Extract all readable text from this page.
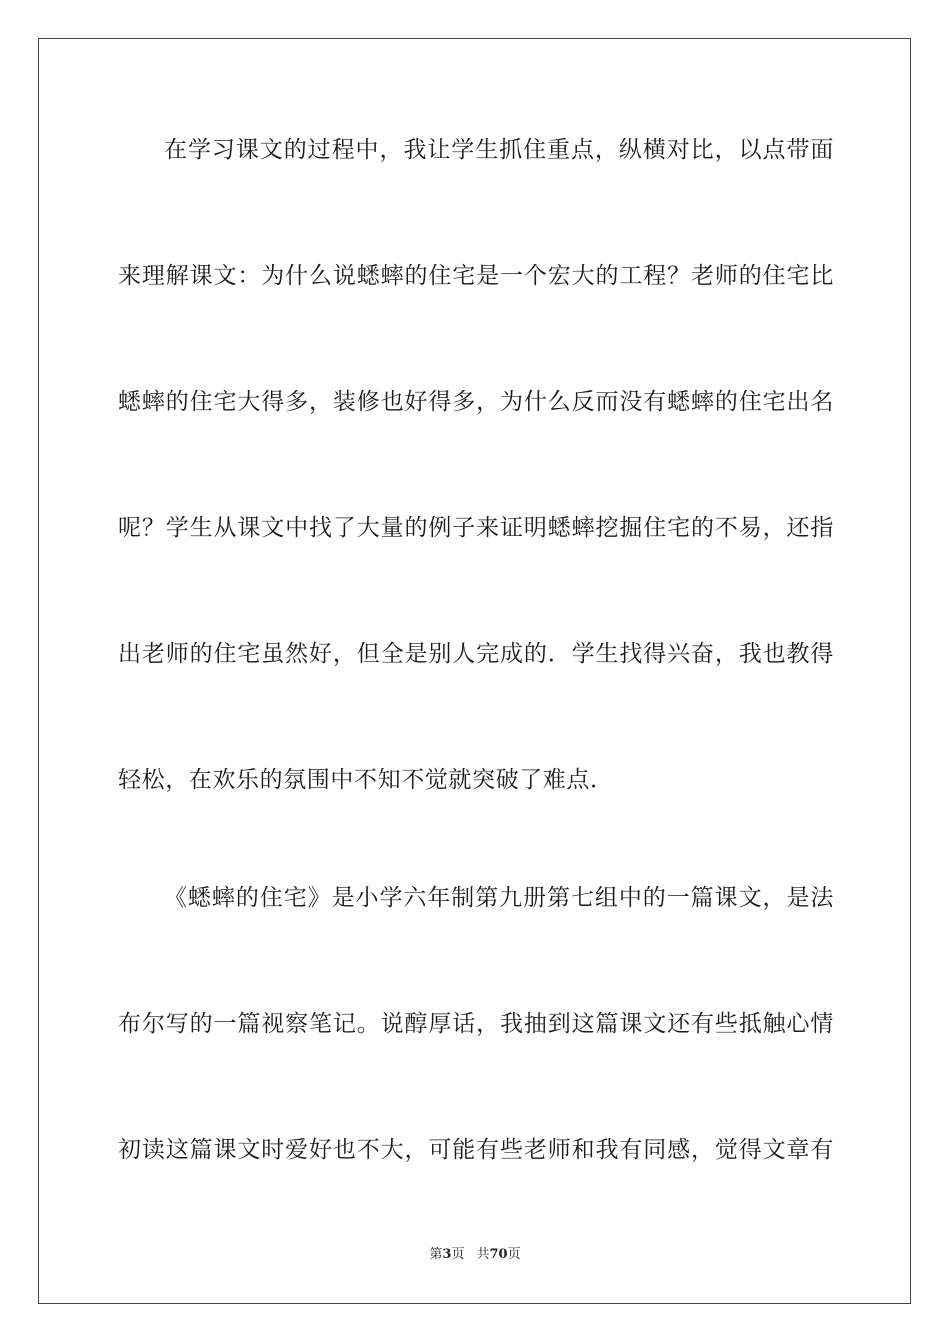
在学习课文的过程中，我让学生抓住重点，纵横对比，以点带面
来理解课文：为什么说蟋蟀的住宅是一个宏大的工程？老师的住宅比
蟋蟀的住宅大得多，装修也好得多，为什么反而没有蟋蟀的住宅出名
呢？学生从课文中找了大量的例子来证明蟋蟀挖掘住宅的不易，还指
出老师的住宅虽然好，但全是别人完成的．学生找得兴奋，我也教得
轻松，在欢乐的氛围中不知不觉就突破了难点．
《蟋蟀的住宅》是小学六年制第九册第七组中的一篇课文，是法
布尔写的一篇视察笔记。说醇厚话，我抽到这篇课文还有些抵触心情
初读这篇课文时爱好也不大，可能有些老师和我有同感，觉得文章有
第3页 共70页
